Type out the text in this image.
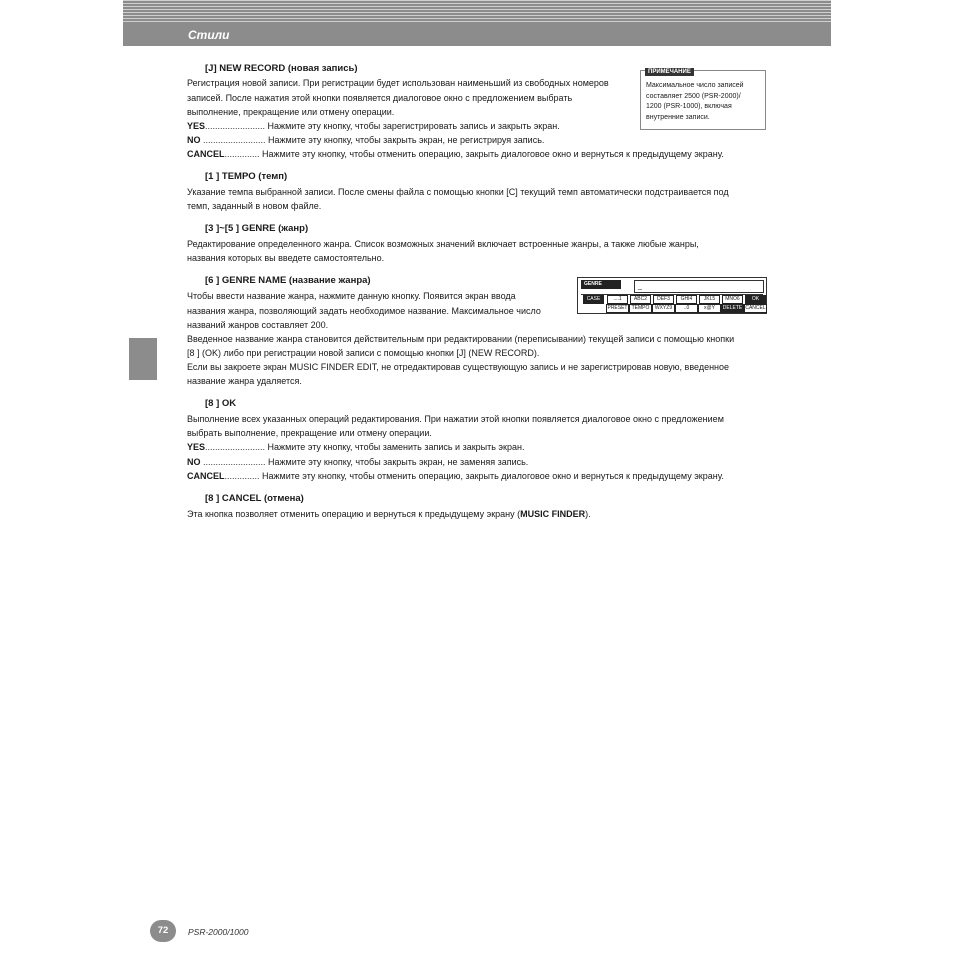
Стили
[J] NEW RECORD (новая запись)
Регистрация новой записи. При регистрации будет использован наименьший из свободных номеров
записей. После нажатия этой кнопки появляется диалоговое окно с предложением выбрать
выполнение, прекращение или отмену операции.
YES........................ Нажмите эту кнопку, чтобы зарегистрировать запись и закрыть экран.
NO ......................... Нажмите эту кнопку, чтобы закрыть экран, не регистрируя запись.
CANCEL.............. Нажмите эту кнопку, чтобы отменить операцию, закрыть диалоговое окно и вернуться к предыдущему экрану.
ПРИМЕЧАНИЕ
Максимальное число записей
составляет 2500 (PSR-2000)/
1200 (PSR-1000), включая
внутренние записи.
[1 ] TEMPO (темп)
Указание темпа выбранной записи. После смены файла с помощью кнопки [C] текущий темп автоматически подстраивается под
темп, заданный в новом файле.
[3 ]~[5 ] GENRE (жанр)
Редактирование определенного жанра. Список возможных значений включает встроенные жанры, а также любые жанры,
названия которых вы введете самостоятельно.
[6 ] GENRE NAME (название жанра)
Чтобы ввести название жанра, нажмите данную кнопку. Появится экран ввода
названия жанра, позволяющий задать необходимое название. Максимальное число
названий жанров составляет 200.
Введенное название жанра становится действительным при редактировании (переписывании) текущей записи с помощью кнопки
[8 ] (OK) либо при регистрации новой записи с помощью кнопки [J] (NEW RECORD).
Если вы закроете экран MUSIC FINDER EDIT, не отредактировав существующую запись и не зарегистрировав новую, введенное
название жанра удаляется.
GENRE	_
CASE	....1	ABC2	DEF3	GHI4	JKL5	MNO6	OK
PRESET TEMPO	WXYZ9	..0	x@Y	DELETE CANCEL
[8 ] OK
Выполнение всех указанных операций редактирования. При нажатии этой кнопки появляется диалоговое окно с предложением
выбрать выполнение, прекращение или отмену операции.
YES........................ Нажмите эту кнопку, чтобы заменить запись и закрыть экран.
NO ......................... Нажмите эту кнопку, чтобы закрыть экран, не заменяя запись.
CANCEL.............. Нажмите эту кнопку, чтобы отменить операцию, закрыть диалоговое окно и вернуться к предыдущему экрану.
[8 ] CANCEL (отмена)
Эта кнопка позволяет отменить операцию и вернуться к предыдущему экрану (MUSIC FINDER).
72	PSR-2000/1000
